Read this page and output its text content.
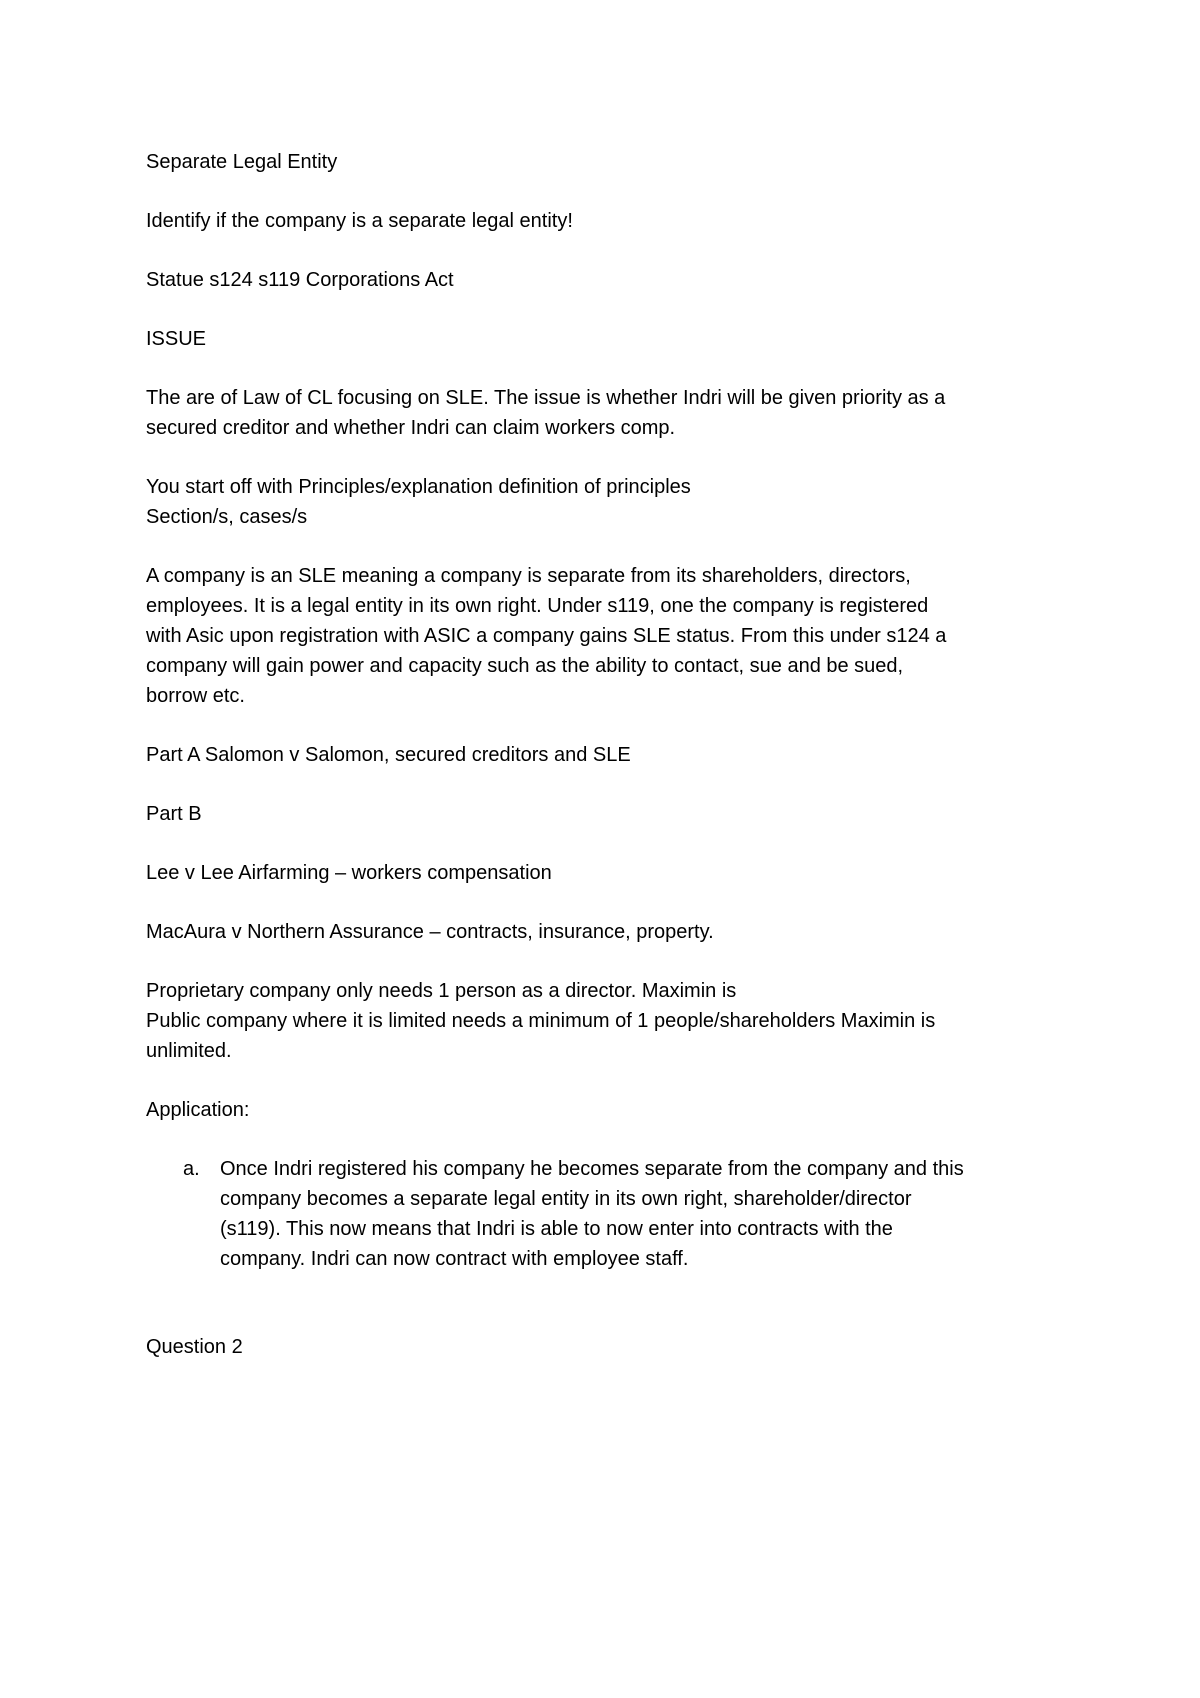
Separate Legal Entity
Identify if the company is a separate legal entity!
Statue s124 s119 Corporations Act
ISSUE
The are of Law of CL focusing on SLE. The issue is whether Indri will be given priority as a
secured creditor and whether Indri can claim workers comp.
You start off with Principles/explanation definition of principles
Section/s, cases/s
A company is an SLE meaning a company is separate from its shareholders, directors,
employees. It is a legal entity in its own right. Under s119, one the company is registered
with Asic upon registration with ASIC a company gains SLE status. From this under s124 a
company will gain power and capacity such as the ability to contact, sue and be sued,
borrow etc.
Part A Salomon v Salomon, secured creditors and SLE
Part B
Lee v Lee Airfarming – workers compensation
MacAura v Northern Assurance – contracts, insurance, property.
Proprietary company only needs 1 person as a director. Maximin is
Public company where it is limited needs a minimum of 1 people/shareholders Maximin is
unlimited.
Application:
a. Once Indri registered his company he becomes separate from the company and this
company becomes a separate legal entity in its own right, shareholder/director
(s119). This now means that Indri is able to now enter into contracts with the
company. Indri can now contract with employee staff.
Question 2
